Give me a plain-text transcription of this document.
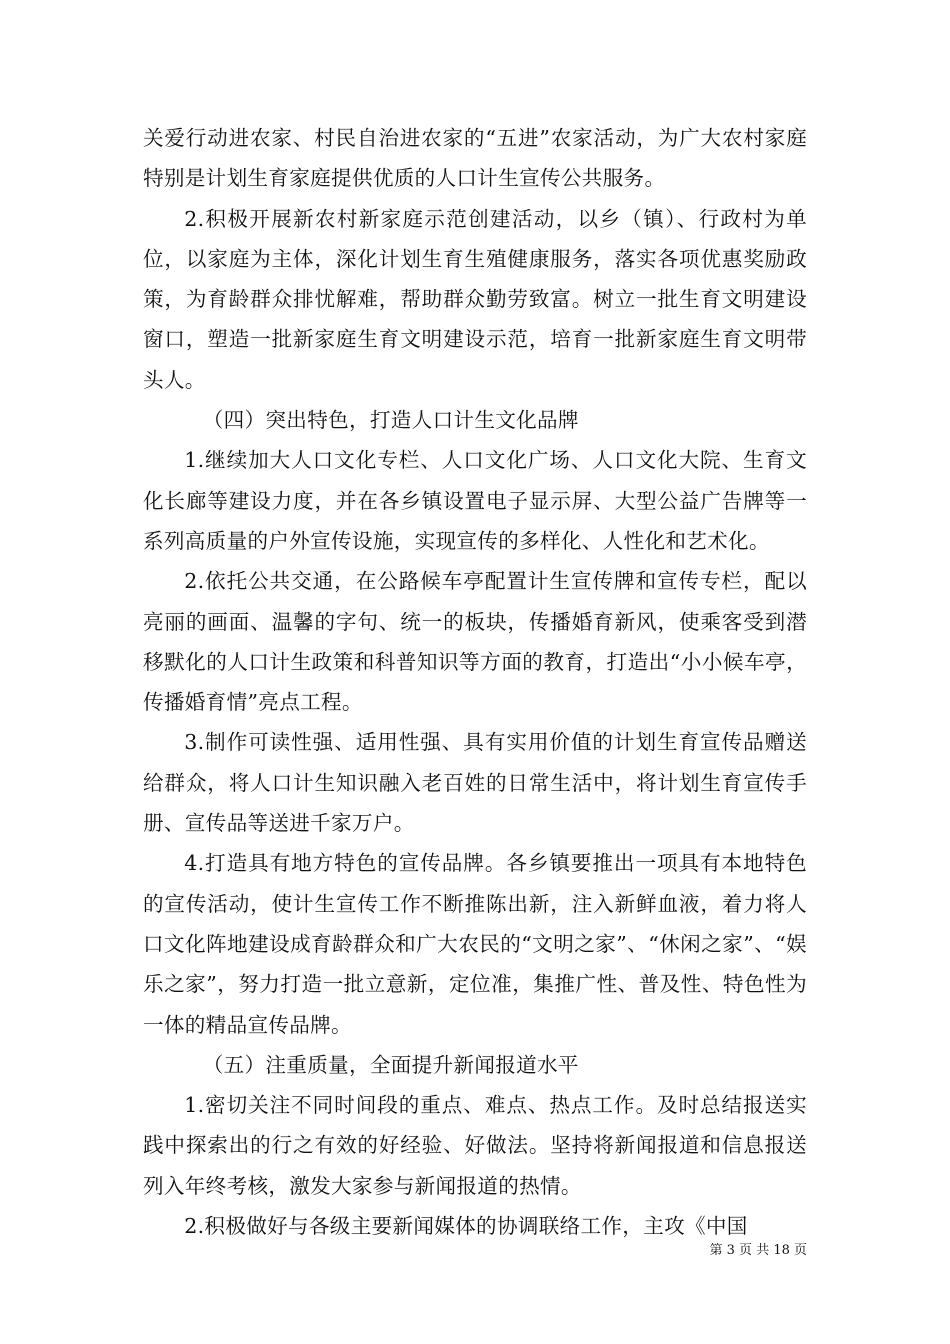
关爱行动进农家、村民自治进农家的“五进”农家活动，为广大农村家庭特别是计划生育家庭提供优质的人口计生宣传公共服务。

2.积极开展新农村新家庭示范创建活动，以乡（镇）、行政村为单位，以家庭为主体，深化计划生育生殖健康服务，落实各项优惠奖励政策，为育龄群众排忧解难，帮助群众勤劳致富。树立一批生育文明建设窗口，塑造一批新家庭生育文明建设示范，培育一批新家庭生育文明带头人。

（四）突出特色，打造人口计生文化品牌

1.继续加大人口文化专栏、人口文化广场、人口文化大院、生育文化长廊等建设力度，并在各乡镇设置电子显示屏、大型公益广告牌等一系列高质量的户外宣传设施，实现宣传的多样化、人性化和艺术化。

2.依托公共交通，在公路候车亭配置计生宣传牌和宣传专栏，配以亮丽的画面、温馨的字句、统一的板块，传播婚育新风，使乘客受到潜移默化的人口计生政策和科普知识等方面的教育，打造出“小小候车亭，传播婚育情”亮点工程。

3.制作可读性强、适用性强、具有实用价值的计划生育宣传品赠送给群众，将人口计生知识融入老百姓的日常生活中，将计划生育宣传手册、宣传品等送进千家万户。

4.打造具有地方特色的宣传品牌。各乡镇要推出一项具有本地特色的宣传活动，使计生宣传工作不断推陈出新，注入新鲜血液，着力将人口文化阵地建设成育龄群众和广大农民的“文明之家”、“休闲之家”、“娱乐之家”，努力打造一批立意新，定位准，集推广性、普及性、特色性为一体的精品宣传品牌。

（五）注重质量，全面提升新闻报道水平

1.密切关注不同时间段的重点、难点、热点工作。及时总结报送实践中探索出的行之有效的好经验、好做法。坚持将新闻报道和信息报送列入年终考核，激发大家参与新闻报道的热情。

2.积极做好与各级主要新闻媒体的协调联络工作，主攻《中国

第 3 页 共 18 页
